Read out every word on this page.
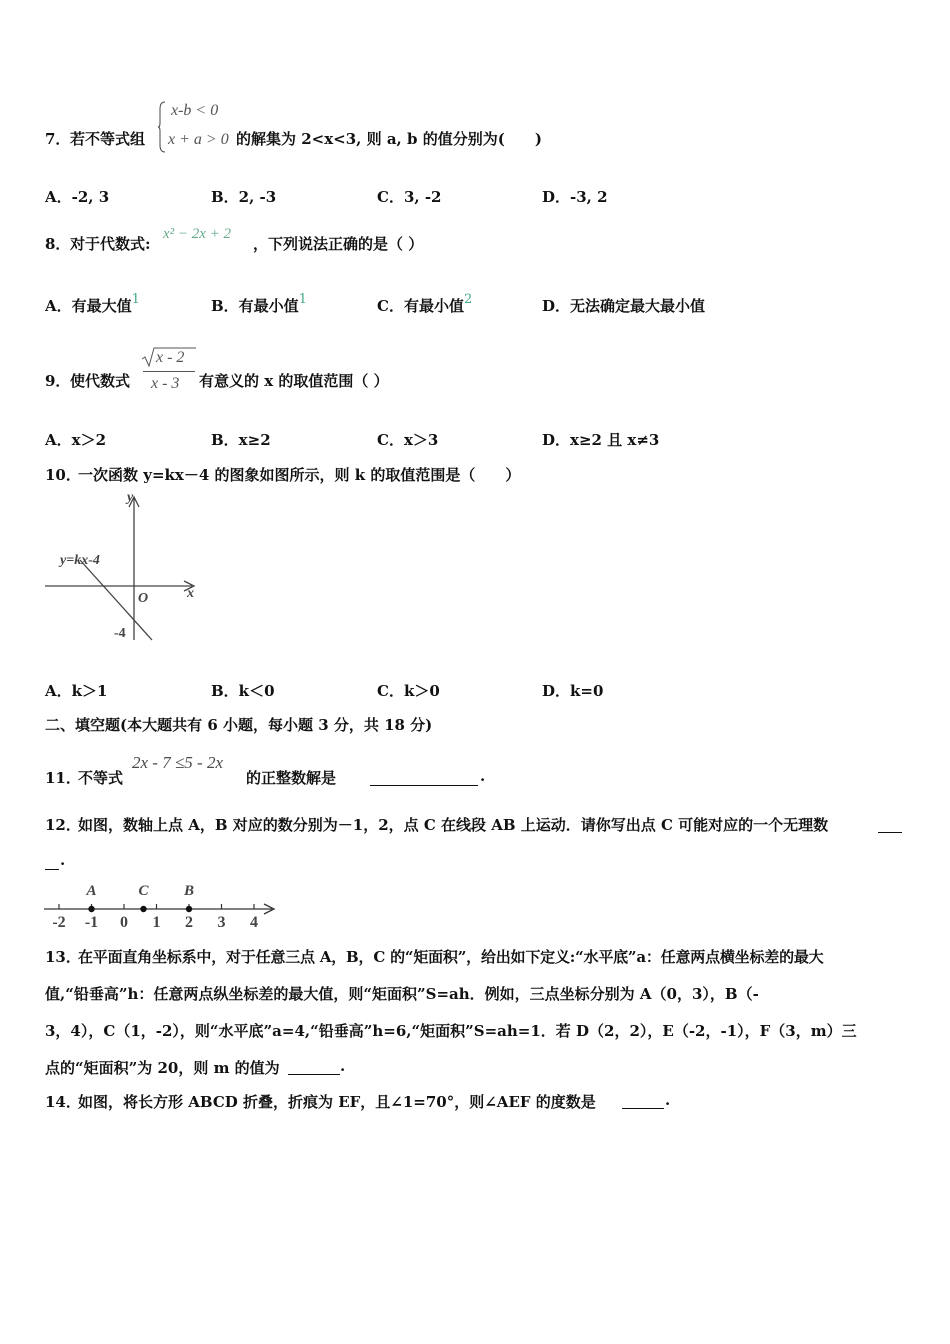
7． 若不等式组
x-b < 0
x + a > 0 的解集为 2<x<3, 则 a, b 的值分别为(　　)
A．-2, 3	B．2, -3	C．3, -2	D．-3, 2
8． 对于代数式:
x² − 2x + 2
，下列说法正确的是（ ）
A．有最大值1	B．有最小值1	C．有最小值2	D．无法确定最大最小值
9． 使代数式
x - 2
x - 3 有意义的 x 的取值范围（ ）
A．x＞2	B．x≥2	C．x＞3	D．x≥2 且 x≠3
10．
一次函数 y=kx－4 的图象如图所示，则 k 的取值范围是（　　）
y
x
y=kx-4
O
-4
A．k＞1	B．k＜0	C．k＞0	D．k=0
二、填空题(本大题共有 6 小题，每小题 3 分，共 18 分)
11．
不等式
2x - 7 ≤5 - 2x
的正整数解是	.
12．
如图，数轴上点 A，B 对应的数分别为－1，2，点 C 在线段 AB 上运动．请你写出点 C 可能对应的一个无理数
.
-2 -1 0 1 2 3 4
A	C B
13．
在平面直角坐标系中，对于任意三点 A，B，C 的“矩面积”，给出如下定义:“水平底”a：任意两点横坐标差的最大
值,“铅垂高”h：任意两点纵坐标差的最大值，则“矩面积”S=ah．例如，三点坐标分别为 A（0，3），B（-
3，4），C（1，-2），则“水平底”a=4,“铅垂高”h=6,“矩面积”S=ah=1．若 D（2，2），E（-2，-1），F（3，m）三
点的“矩面积”为 20，则 m 的值为	.
14．
如图，将长方形 ABCD 折叠，折痕为 EF，且∠1=70°，则∠AEF 的度数是	.
